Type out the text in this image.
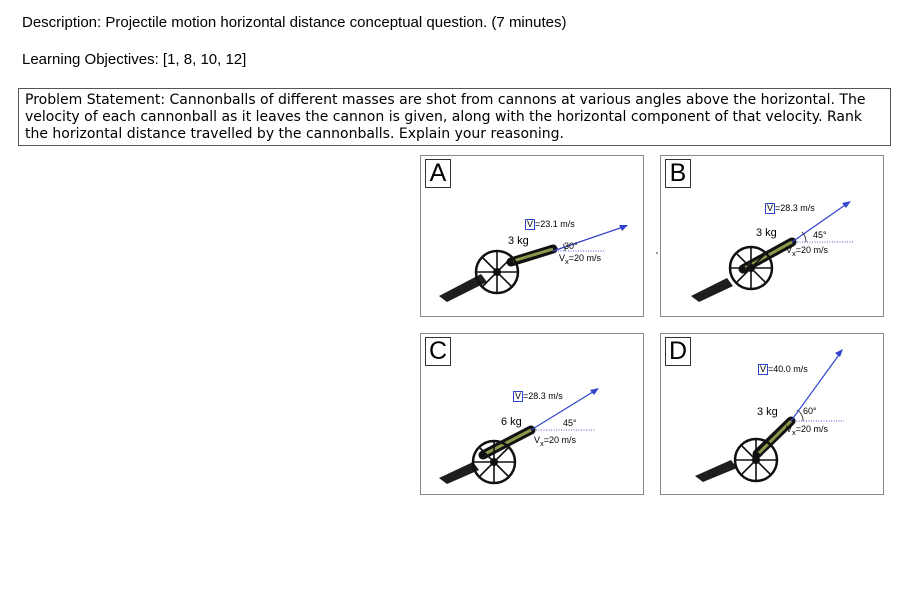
Description: Projectile motion horizontal distance conceptual question. (7 minutes)
Learning Objectives: [1, 8, 10, 12]
Problem Statement: Cannonballs of different masses are shot from cannons at various angles above the horizontal. The velocity of each cannonball as it leaves the cannon is given, along with the horizontal component of that velocity. Rank the horizontal distance travelled by the cannonballs. Explain your reasoning.
A
3 kg
V =23.1 m/s
30°
$V_x=20$ m/s
B
3 kg
V =28.3 m/s
45°
$V_x=20$ m/s
C
6 kg
V =28.3 m/s
45°
$V_x=20$ m/s
D
3 kg
V =40.0 m/s
60°
$V_x=20$ m/s
